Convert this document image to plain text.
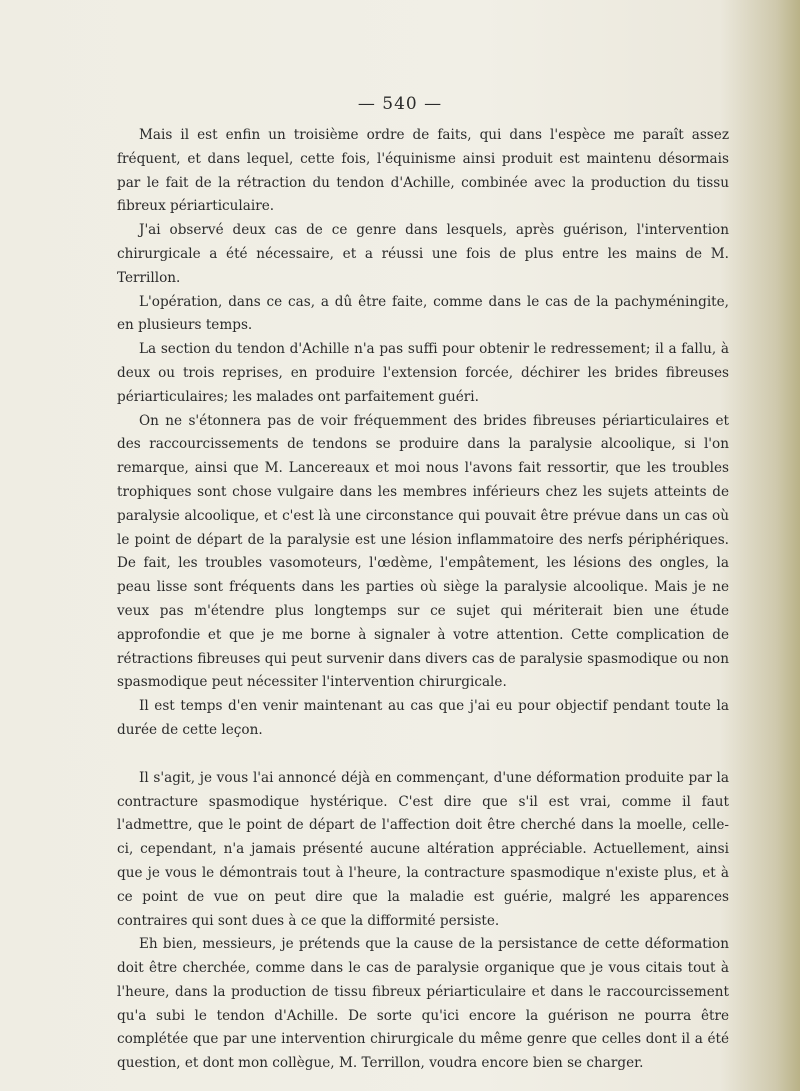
— 540 —

Mais il est enfin un troisième ordre de faits, qui dans l'espèce me paraît assez fréquent, et dans lequel, cette fois, l'équinisme ainsi produit est maintenu désormais par le fait de la rétraction du tendon d'Achille, combinée avec la production du tissu fibreux périarticulaire.

J'ai observé deux cas de ce genre dans lesquels, après guérison, l'intervention chirurgicale a été nécessaire, et a réussi une fois de plus entre les mains de M. Terrillon.

L'opération, dans ce cas, a dû être faite, comme dans le cas de la pachyméningite, en plusieurs temps.

La section du tendon d'Achille n'a pas suffi pour obtenir le redressement; il a fallu, à deux ou trois reprises, en produire l'extension forcée, déchirer les brides fibreuses périarticulaires; les malades ont parfaitement guéri.

On ne s'étonnera pas de voir fréquemment des brides fibreuses périarticulaires et des raccourcissements de tendons se produire dans la paralysie alcoolique, si l'on remarque, ainsi que M. Lancereaux et moi nous l'avons fait ressortir, que les troubles trophiques sont chose vulgaire dans les membres inférieurs chez les sujets atteints de paralysie alcoolique, et c'est là une circonstance qui pouvait être prévue dans un cas où le point de départ de la paralysie est une lésion inflammatoire des nerfs périphériques. De fait, les troubles vasomoteurs, l'œdème, l'empâtement, les lésions des ongles, la peau lisse sont fréquents dans les parties où siège la paralysie alcoolique. Mais je ne veux pas m'étendre plus longtemps sur ce sujet qui mériterait bien une étude approfondie et que je me borne à signaler à votre attention. Cette complication de rétractions fibreuses qui peut survenir dans divers cas de paralysie spasmodique ou non spasmodique peut nécessiter l'intervention chirurgicale.

Il est temps d'en venir maintenant au cas que j'ai eu pour objectif pendant toute la durée de cette leçon.

Il s'agit, je vous l'ai annoncé déjà en commençant, d'une déformation produite par la contracture spasmodique hystérique. C'est dire que s'il est vrai, comme il faut l'admettre, que le point de départ de l'affection doit être cherché dans la moelle, celle-ci, cependant, n'a jamais présenté aucune altération appréciable. Actuellement, ainsi que je vous le démontrais tout à l'heure, la contracture spasmodique n'existe plus, et à ce point de vue on peut dire que la maladie est guérie, malgré les apparences contraires qui sont dues à ce que la difformité persiste.

Eh bien, messieurs, je prétends que la cause de la persistance de cette déformation doit être cherchée, comme dans le cas de paralysie organique que je vous citais tout à l'heure, dans la production de tissu fibreux périarticulaire et dans le raccourcissement qu'a subi le tendon d'Achille. De sorte qu'ici encore la guérison ne pourra être complétée que par une intervention chirurgicale du même genre que celles dont il a été question, et dont mon collègue, M. Terrillon, voudra encore bien se charger.
